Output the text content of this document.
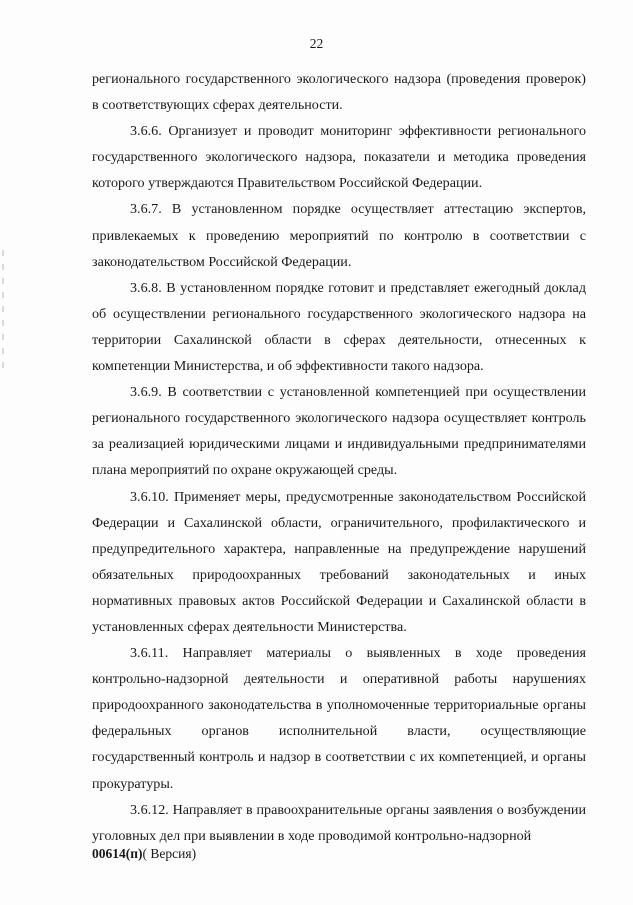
22

регионального государственного экологического надзора (проведения проверок) в соответствующих сферах деятельности.

3.6.6. Организует и проводит мониторинг эффективности регионального государственного экологического надзора, показатели и методика проведения которого утверждаются Правительством Российской Федерации.

3.6.7. В установленном порядке осуществляет аттестацию экспертов, привлекаемых к проведению мероприятий по контролю в соответствии с законодательством Российской Федерации.

3.6.8. В установленном порядке готовит и представляет ежегодный доклад об осуществлении регионального государственного экологического надзора на территории Сахалинской области в сферах деятельности, отнесенных к компетенции Министерства, и об эффективности такого надзора.

3.6.9. В соответствии с установленной компетенцией при осуществлении регионального государственного экологического надзора осуществляет контроль за реализацией юридическими лицами и индивидуальными предпринимателями плана мероприятий по охране окружающей среды.

3.6.10. Применяет меры, предусмотренные законодательством Российской Федерации и Сахалинской области, ограничительного, профилактического и предупредительного характера, направленные на предупреждение нарушений обязательных природоохранных требований законодательных и иных нормативных правовых актов Российской Федерации и Сахалинской области в установленных сферах деятельности Министерства.

3.6.11. Направляет материалы о выявленных в ходе проведения контрольно-надзорной деятельности и оперативной работы нарушениях природоохранного законодательства в уполномоченные территориальные органы федеральных органов исполнительной власти, осуществляющие государственный контроль и надзор в соответствии с их компетенцией, и органы прокуратуры.

3.6.12. Направляет в правоохранительные органы заявления о возбуждении уголовных дел при выявлении в ходе проводимой контрольно-надзорной

00614(п)( Версия)
